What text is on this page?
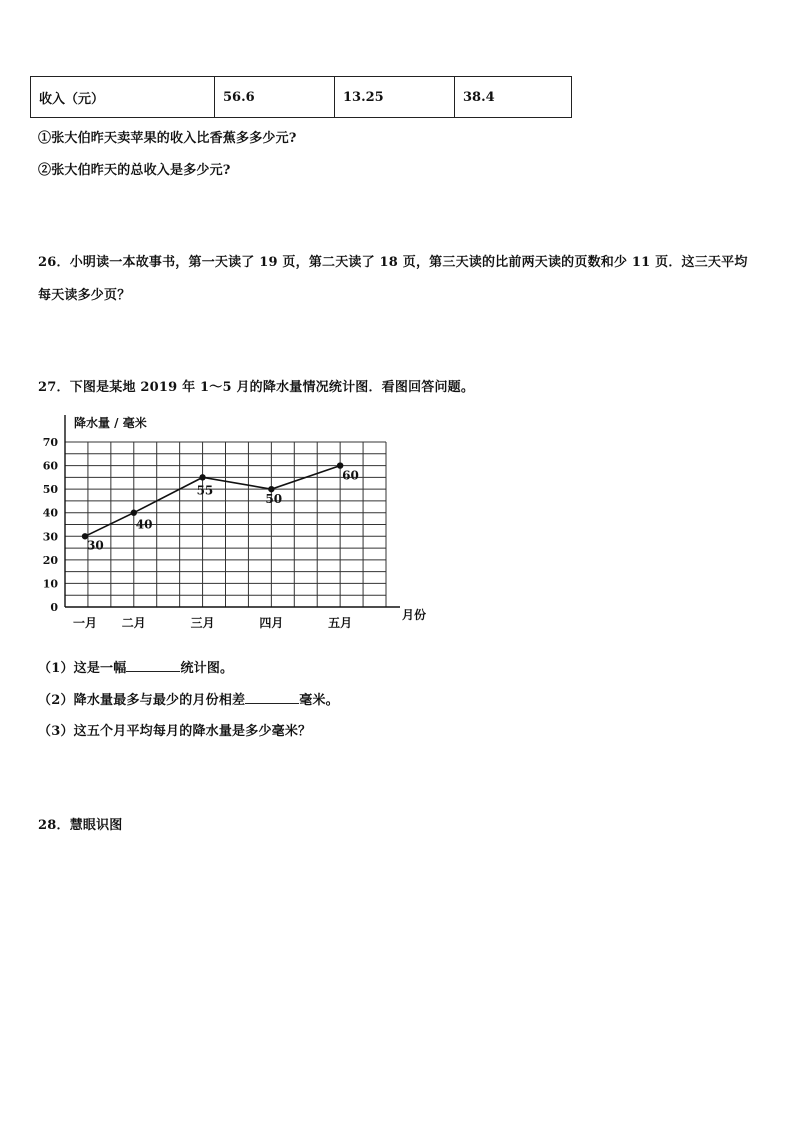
收入（元）	56.6	13.25	38.4
①张大伯昨天卖苹果的收入比香蕉多多少元?
②张大伯昨天的总收入是多少元?
26．小明读一本故事书，第一天读了 19 页，第二天读了 18 页，第三天读的比前两天读的页数和少 11 页．这三天平均
每天读多少页？
27．下图是某地 2019 年 1～5 月的降水量情况统计图．看图回答问题。
降水量 / 毫米
月份
0
10
20
30
40
50
60
70
一月 二月	三月	四月	五月
30
40
55
50
60
（1）这是一幅	统计图。
（2）降水量最多与最少的月份相差	毫米。
（3）这五个月平均每月的降水量是多少毫米？
28．慧眼识图
